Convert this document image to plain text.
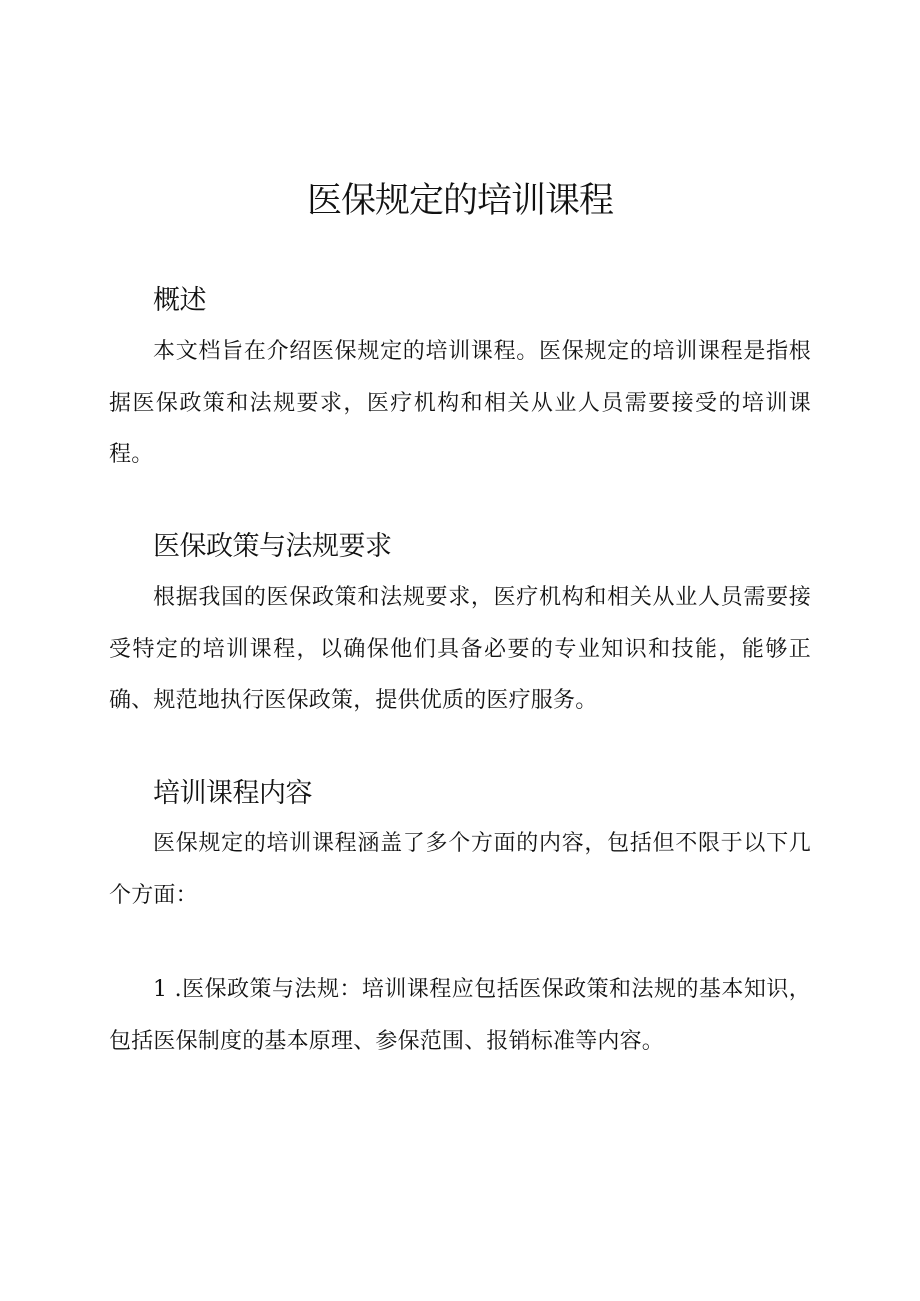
医保规定的培训课程
概述

本文档旨在介绍医保规定的培训课程。医保规定的培训课程是指根据医保政策和法规要求，医疗机构和相关从业人员需要接受的培训课程。

医保政策与法规要求

根据我国的医保政策和法规要求，医疗机构和相关从业人员需要接受特定的培训课程，以确保他们具备必要的专业知识和技能，能够正确、规范地执行医保政策，提供优质的医疗服务。

培训课程内容

医保规定的培训课程涵盖了多个方面的内容，包括但不限于以下几个方面：

1 .医保政策与法规：培训课程应包括医保政策和法规的基本知识，包括医保制度的基本原理、参保范围、报销标准等内容。
